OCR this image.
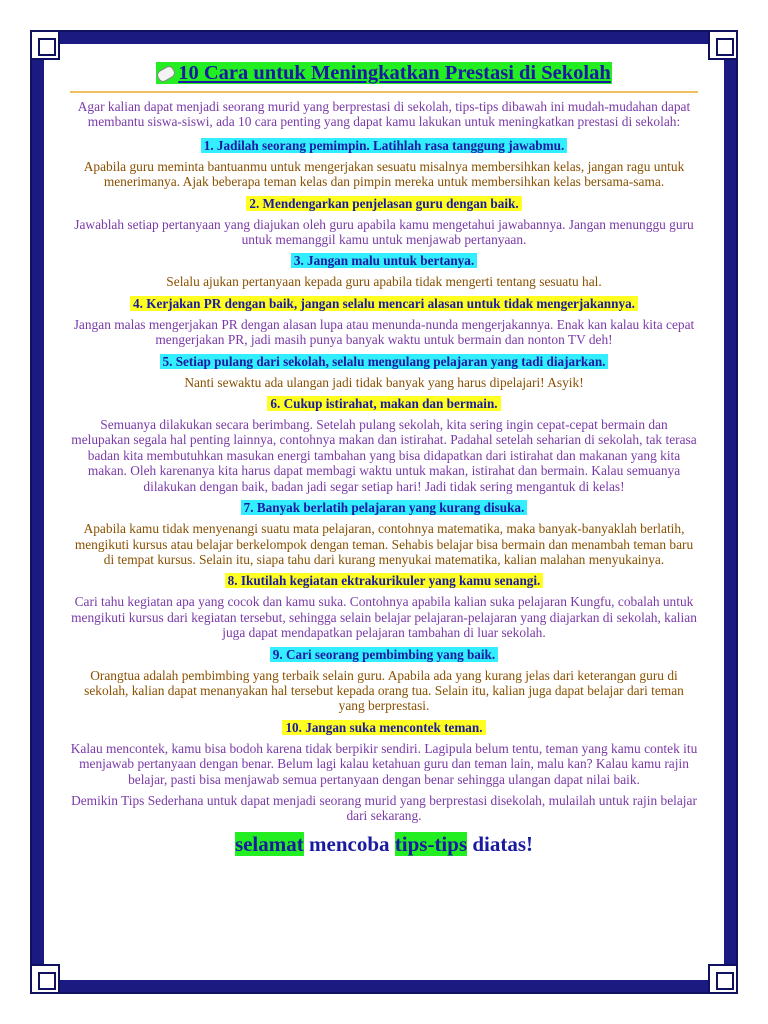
10 Cara untuk Meningkatkan Prestasi di Sekolah

Agar kalian dapat menjadi seorang murid yang berprestasi di sekolah, tips-tips dibawah ini mudah-mudahan dapat membantu siswa-siswi, ada 10 cara penting yang dapat kamu lakukan untuk meningkatkan prestasi di sekolah:

1. Jadilah seorang pemimpin. Latihlah rasa tanggung jawabmu.

Apabila guru meminta bantuanmu untuk mengerjakan sesuatu misalnya membersihkan kelas, jangan ragu untuk menerimanya. Ajak beberapa teman kelas dan pimpin mereka untuk membersihkan kelas bersama-sama.

2. Mendengarkan penjelasan guru dengan baik.

Jawablah setiap pertanyaan yang diajukan oleh guru apabila kamu mengetahui jawabannya. Jangan menunggu guru untuk memanggil kamu untuk menjawab pertanyaan.

3. Jangan malu untuk bertanya.

Selalu ajukan pertanyaan kepada guru apabila tidak mengerti tentang sesuatu hal.

4. Kerjakan PR dengan baik, jangan selalu mencari alasan untuk tidak mengerjakannya.

Jangan malas mengerjakan PR dengan alasan lupa atau menunda-nunda mengerjakannya. Enak kan kalau kita cepat mengerjakan PR, jadi masih punya banyak waktu untuk bermain dan nonton TV deh!

5. Setiap pulang dari sekolah, selalu mengulang pelajaran yang tadi diajarkan.

Nanti sewaktu ada ulangan jadi tidak banyak yang harus dipelajari! Asyik!

6. Cukup istirahat, makan dan bermain.

Semuanya dilakukan secara berimbang. Setelah pulang sekolah, kita sering ingin cepat-cepat bermain dan melupakan segala hal penting lainnya, contohnya makan dan istirahat. Padahal setelah seharian di sekolah, tak terasa badan kita membutuhkan masukan energi tambahan yang bisa didapatkan dari istirahat dan makanan yang kita makan. Oleh karenanya kita harus dapat membagi waktu untuk makan, istirahat dan bermain. Kalau semuanya dilakukan dengan baik, badan jadi segar setiap hari! Jadi tidak sering mengantuk di kelas!

7. Banyak berlatih pelajaran yang kurang disuka.

Apabila kamu tidak menyenangi suatu mata pelajaran, contohnya matematika, maka banyak-banyaklah berlatih, mengikuti kursus atau belajar berkelompok dengan teman. Sehabis belajar bisa bermain dan menambah teman baru di tempat kursus. Selain itu, siapa tahu dari kurang menyukai matematika, kalian malahan menyukainya.

8. Ikutilah kegiatan ektrakurikuler yang kamu senangi.

Cari tahu kegiatan apa yang cocok dan kamu suka. Contohnya apabila kalian suka pelajaran Kungfu, cobalah untuk mengikuti kursus dari kegiatan tersebut, sehingga selain belajar pelajaran-pelajaran yang diajarkan di sekolah, kalian juga dapat mendapatkan pelajaran tambahan di luar sekolah.

9. Cari seorang pembimbing yang baik.

Orangtua adalah pembimbing yang terbaik selain guru. Apabila ada yang kurang jelas dari keterangan guru di sekolah, kalian dapat menanyakan hal tersebut kepada orang tua. Selain itu, kalian juga dapat belajar dari teman yang berprestasi.

10. Jangan suka mencontek teman.

Kalau mencontek, kamu bisa bodoh karena tidak berpikir sendiri. Lagipula belum tentu, teman yang kamu contek itu menjawab pertanyaan dengan benar. Belum lagi kalau ketahuan guru dan teman lain, malu kan? Kalau kamu rajin belajar, pasti bisa menjawab semua pertanyaan dengan benar sehingga ulangan dapat nilai baik.

Demikin Tips Sederhana untuk dapat menjadi seorang murid yang berprestasi disekolah, mulailah untuk rajin belajar dari sekarang.

selamat mencoba tips-tips diatas!
